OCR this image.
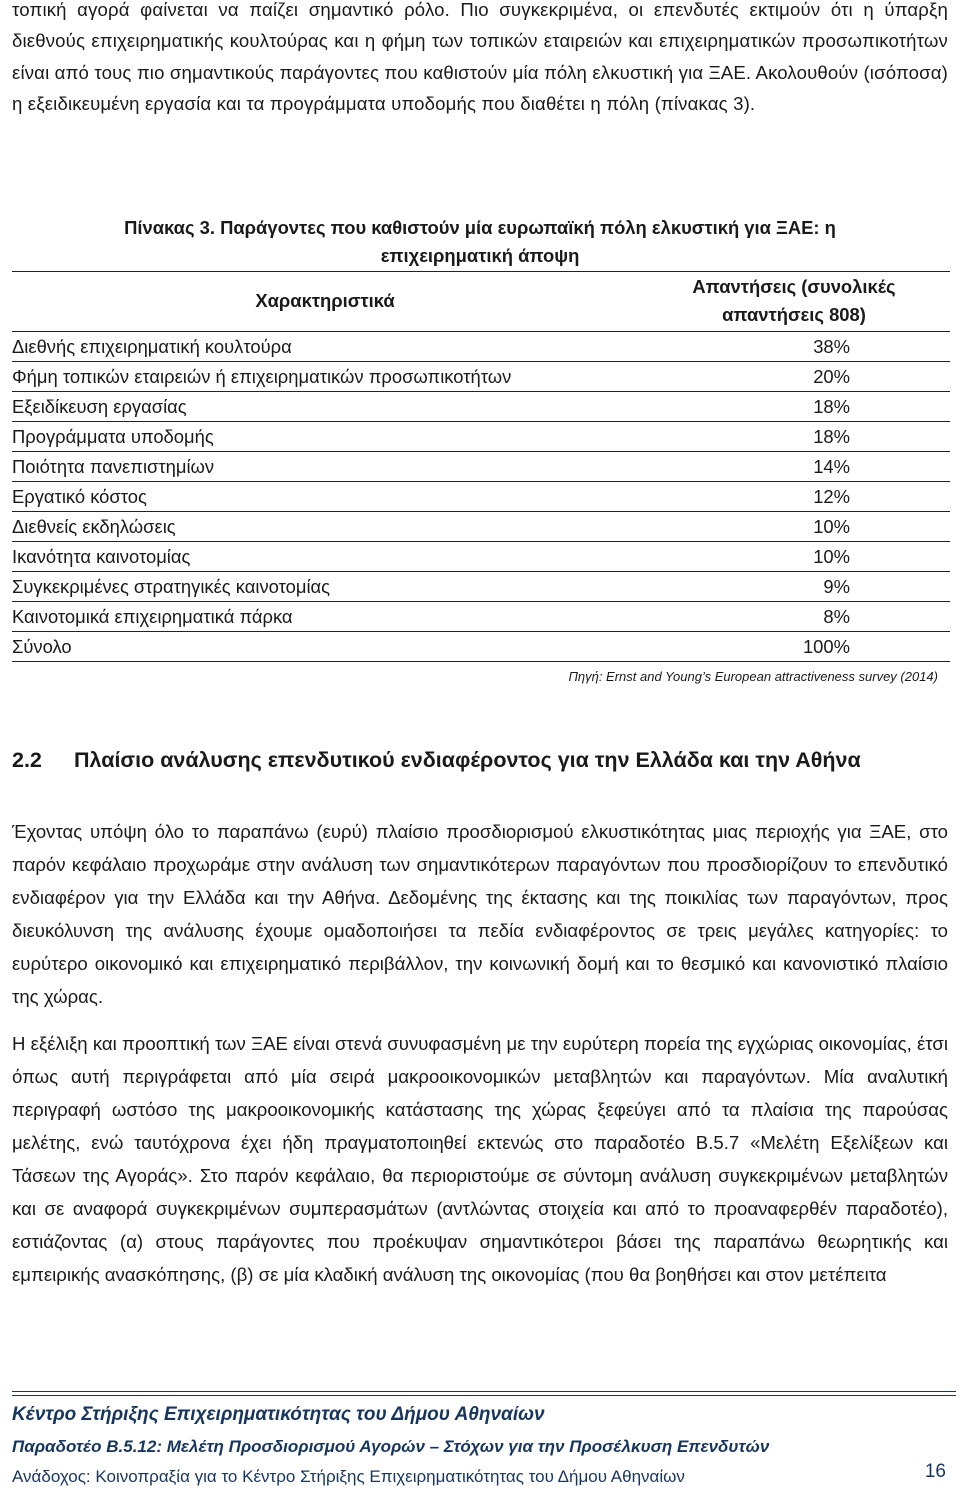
τοπική αγορά φαίνεται να παίζει σημαντικό ρόλο. Πιο συγκεκριμένα, οι επενδυτές εκτιμούν ότι η ύπαρξη διεθνούς επιχειρηματικής κουλτούρας και η φήμη των τοπικών εταιρειών και επιχειρηματικών προσωπικοτήτων είναι από τους πιο σημαντικούς παράγοντες που καθιστούν μία πόλη ελκυστική για ΞΑΕ. Ακολουθούν (ισόποσα) η εξειδικευμένη εργασία και τα προγράμματα υποδομής που διαθέτει η πόλη (πίνακας 3).

Πίνακας 3. Παράγοντες που καθιστούν μία ευρωπαϊκή πόλη ελκυστική για ΞΑΕ: η
επιχειρηματική άποψη
Χαρακτηριστικά	Απαντήσεις (συνολικές
απαντήσεις 808)

Διεθνής επιχειρηματική κουλτούρα	38%
Φήμη τοπικών εταιρειών ή επιχειρηματικών προσωπικοτήτων	20%
Εξειδίκευση εργασίας	18%
Προγράμματα υποδομής	18%
Ποιότητα πανεπιστημίων	14%
Εργατικό κόστος	12%
Διεθνείς εκδηλώσεις	10%
Ικανότητα καινοτομίας	10%
Συγκεκριμένες στρατηγικές καινοτομίας	9%
Καινοτομικά επιχειρηματικά πάρκα	8%
Σύνολο	100%
Πηγή: Ernst and Young’s European attractiveness survey (2014)	
2.2 Πλαίσιο ανάλυσης επενδυτικού ενδιαφέροντος για την Ελλάδα και την Αθήνα

Έχοντας υπόψη όλο το παραπάνω (ευρύ) πλαίσιο προσδιορισμού ελκυστικότητας μιας περιοχής για ΞΑΕ, στο παρόν κεφάλαιο προχωράμε στην ανάλυση των σημαντικότερων παραγόντων που προσδιορίζουν το επενδυτικό ενδιαφέρον για την Ελλάδα και την Αθήνα. Δεδομένης της έκτασης και της ποικιλίας των παραγόντων, προς διευκόλυνση της ανάλυσης έχουμε ομαδοποιήσει τα πεδία ενδιαφέροντος σε τρεις μεγάλες κατηγορίες: το ευρύτερο οικονομικό και επιχειρηματικό περιβάλλον, την κοινωνική δομή και το θεσμικό και κανονιστικό πλαίσιο της χώρας.

Η εξέλιξη και προοπτική των ΞΑΕ είναι στενά συνυφασμένη με την ευρύτερη πορεία της εγχώριας οικονομίας, έτσι όπως αυτή περιγράφεται από μία σειρά μακροοικονομικών μεταβλητών και παραγόντων. Μία αναλυτική περιγραφή ωστόσο της μακροοικονομικής κατάστασης της χώρας ξεφεύγει από τα πλαίσια της παρούσας μελέτης, ενώ ταυτόχρονα έχει ήδη πραγματοποιηθεί εκτενώς στο παραδοτέο Β.5.7 «Μελέτη Εξελίξεων και Τάσεων της Αγοράς». Στο παρόν κεφάλαιο, θα περιοριστούμε σε σύντομη ανάλυση συγκεκριμένων μεταβλητών και σε αναφορά συγκεκριμένων συμπερασμάτων (αντλώντας στοιχεία και από το προαναφερθέν παραδοτέο), εστιάζοντας (α) στους παράγοντες που προέκυψαν σημαντικότεροι βάσει της παραπάνω θεωρητικής και εμπειρικής ανασκόπησης, (β) σε μία κλαδική ανάλυση της οικονομίας (που θα βοηθήσει και στον μετέπειτα

Κέντρο Στήριξης Επιχειρηματικότητας του Δήμου Αθηναίων

Παραδοτέο Β.5.12: Μελέτη Προσδιορισμού Αγορών – Στόχων για την Προσέλκυση Επενδυτών

Ανάδοχος: Κοινοπραξία για το Κέντρο Στήριξης Επιχειρηματικότητας του Δήμου Αθηναίων	16
